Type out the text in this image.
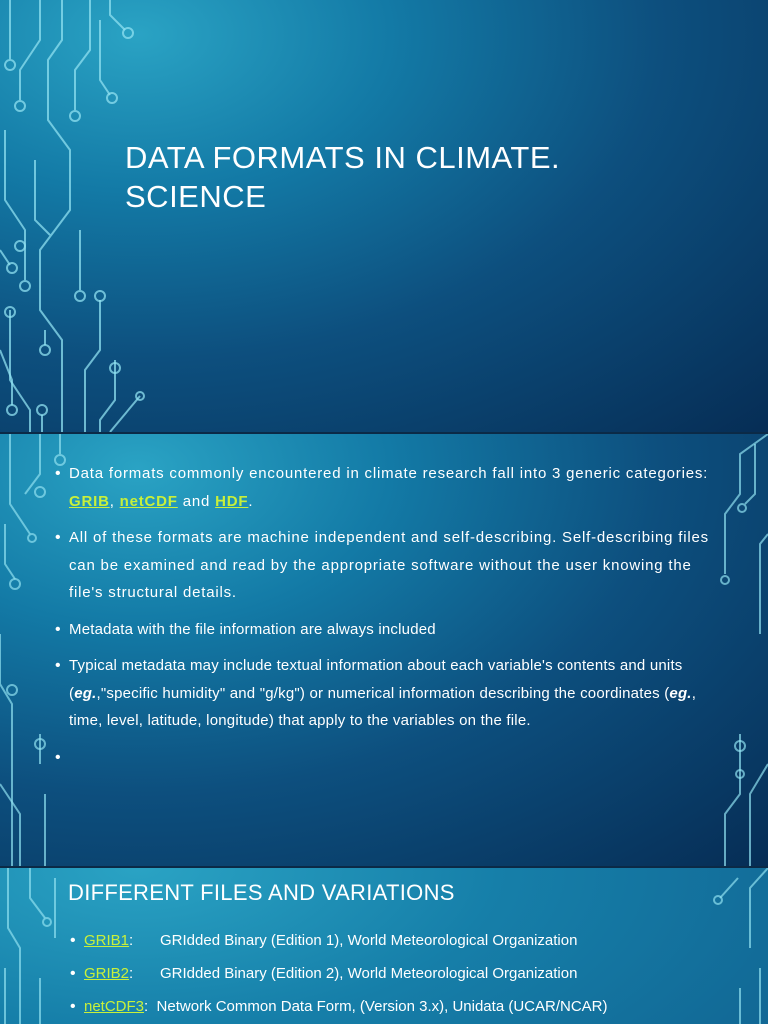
DATA FORMATS IN CLIMATE.
SCIENCE
• Data formats commonly encountered in climate research fall into 3 generic categories: GRIB, netCDF and HDF.
• All of these formats are machine independent and self-describing. Self-describing files can be examined and read by the appropriate software without the user knowing the file's structural details.
• Metadata with the file information are always included
• Typical metadata may include textual information about each variable's contents and units (eg.,"specific humidity" and "g/kg") or numerical information describing the coordinates (eg., time, level, latitude, longitude) that apply to the variables on the file.
•

DIFFERENT FILES AND VARIATIONS
• GRIB1: GRIdded Binary (Edition 1), World Meteorological Organization
• GRIB2: GRIdded Binary (Edition 2), World Meteorological Organization
• netCDF3: Network Common Data Form, (Version 3.x), Unidata (UCAR/NCAR)
